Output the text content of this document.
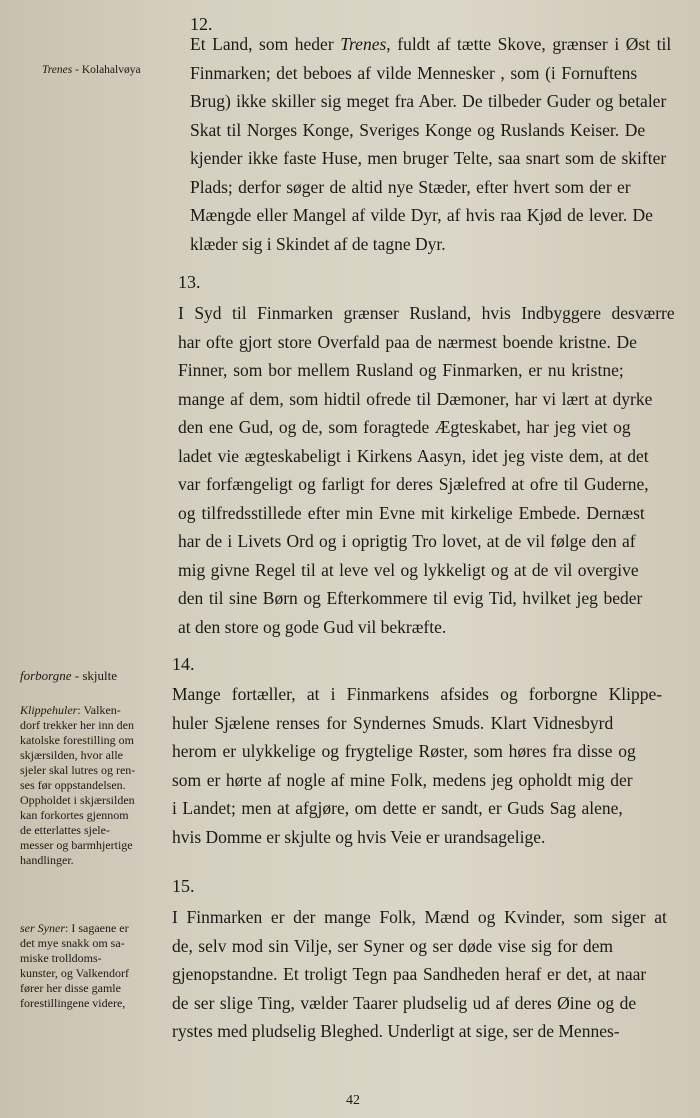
Trenes - Kolahalvøya
forborgne - skjulte
Klippehuler: Valken-
dorf trekker her inn den
katolske forestilling om
skjærsilden, hvor alle
sjeler skal lutres og ren-
ses før oppstandelsen.
Oppholdet i skjærsilden
kan forkortes gjennom
de etterlattes sjele-
messer og barmhjertige
handlinger.
ser Syner: I sagaene er
det mye snakk om sa-
miske trolldoms-
kunster, og Valkendorf
fører her disse gamle
forestillingene videre,
12.
Et Land, som heder Trenes, fuldt af tætte Skove, grænser i Øst til
Finmarken; det beboes af vilde Mennesker , som (i Fornuftens
Brug) ikke skiller sig meget fra Aber. De tilbeder Guder og betaler
Skat til Norges Konge, Sveriges Konge og Ruslands Keiser. De
kjender ikke faste Huse, men bruger Telte, saa snart som de skifter
Plads; derfor søger de altid nye Stæder, efter hvert som der er
Mængde eller Mangel af vilde Dyr, af hvis raa Kjød de lever. De
klæder sig i Skindet af de tagne Dyr.
13.
I Syd til Finmarken grænser Rusland, hvis Indbyggere desværre
har ofte gjort store Overfald paa de nærmest boende kristne. De
Finner, som bor mellem Rusland og Finmarken, er nu kristne;
mange af dem, som hidtil ofrede til Dæmoner, har vi lært at dyrke
den ene Gud, og de, som foragtede Ægteskabet, har jeg viet og
ladet vie ægteskabeligt i Kirkens Aasyn, idet jeg viste dem, at det
var forfængeligt og farligt for deres Sjælefred at ofre til Guderne,
og tilfredsstillede efter min Evne mit kirkelige Embede. Dernæst
har de i Livets Ord og i oprigtig Tro lovet, at de vil følge den af
mig givne Regel til at leve vel og lykkeligt og at de vil overgive
den til sine Børn og Efterkommere til evig Tid, hvilket jeg beder
at den store og gode Gud vil bekræfte.
14.
Mange fortæller, at i Finmarkens afsides og forborgne Klippe-
huler Sjælene renses for Syndernes Smuds. Klart Vidnesbyrd
herom er ulykkelige og frygtelige Røster, som høres fra disse og
som er hørte af nogle af mine Folk, medens jeg opholdt mig der
i Landet; men at afgjøre, om dette er sandt, er Guds Sag alene,
hvis Domme er skjulte og hvis Veie er urandsagelige.
15.
I Finmarken er der mange Folk, Mænd og Kvinder, som siger at
de, selv mod sin Vilje, ser Syner og ser døde vise sig for dem
gjenopstandne. Et troligt Tegn paa Sandheden heraf er det, at naar
de ser slige Ting, vælder Taarer pludselig ud af deres Øine og de
rystes med pludselig Bleghed. Underligt at sige, ser de Mennes-
42
